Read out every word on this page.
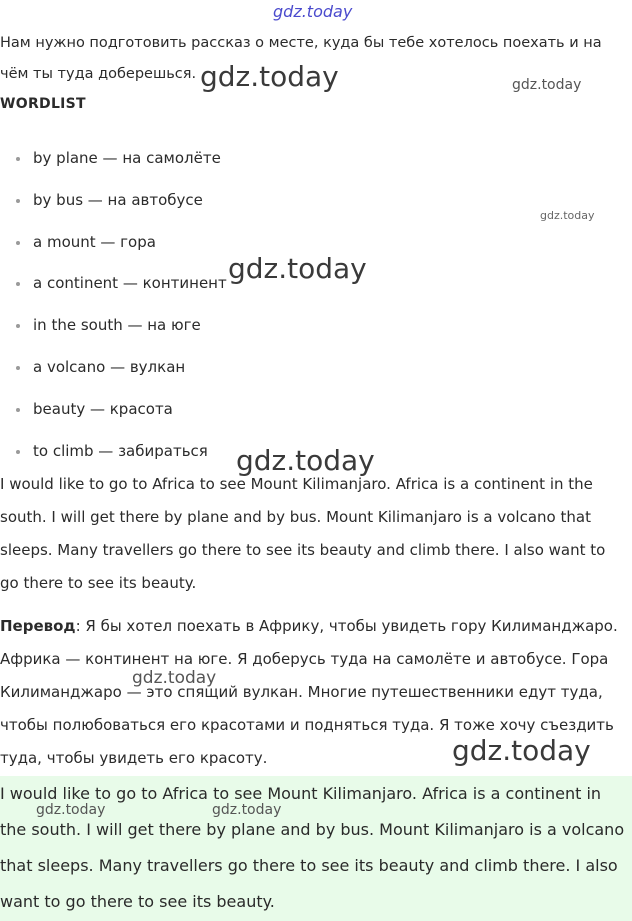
gdz.today

Нам нужно подготовить рассказ о месте, куда бы тебе хотелось поехать и на чём ты туда доберешься.

WORDLIST
by plane — на самолёте
by bus — на автобусе
a mount — гора
a continent — континент
in the south — на юге
a volcano — вулкан
beauty — красота
to climb — забираться

I would like to go to Africa to see Mount Kilimanjaro. Africa is a continent in the south. I will get there by plane and by bus. Mount Kilimanjaro is a volcano that sleeps. Many travellers go there to see its beauty and climb there. I also want to go there to see its beauty.

Перевод: Я бы хотел поехать в Африку, чтобы увидеть гору Килиманджаро. Африка — континент на юге. Я доберусь туда на самолёте и автобусе. Гора Килиманджаро — это спящий вулкан. Многие путешественники едут туда, чтобы полюбоваться его красотами и подняться туда. Я тоже хочу съездить туда, чтобы увидеть его красоту.

I would like to go to Africa to see Mount Kilimanjaro. Africa is a continent in the south. I will get there by plane and by bus. Mount Kilimanjaro is a volcano that sleeps. Many travellers go there to see its beauty and climb there. I also want to go there to see its beauty.

gdz.today	gdz.today
gdz.today
gdz.today
gdz.today
gdz.today
gdz.today
gdz.today	gdz.today
